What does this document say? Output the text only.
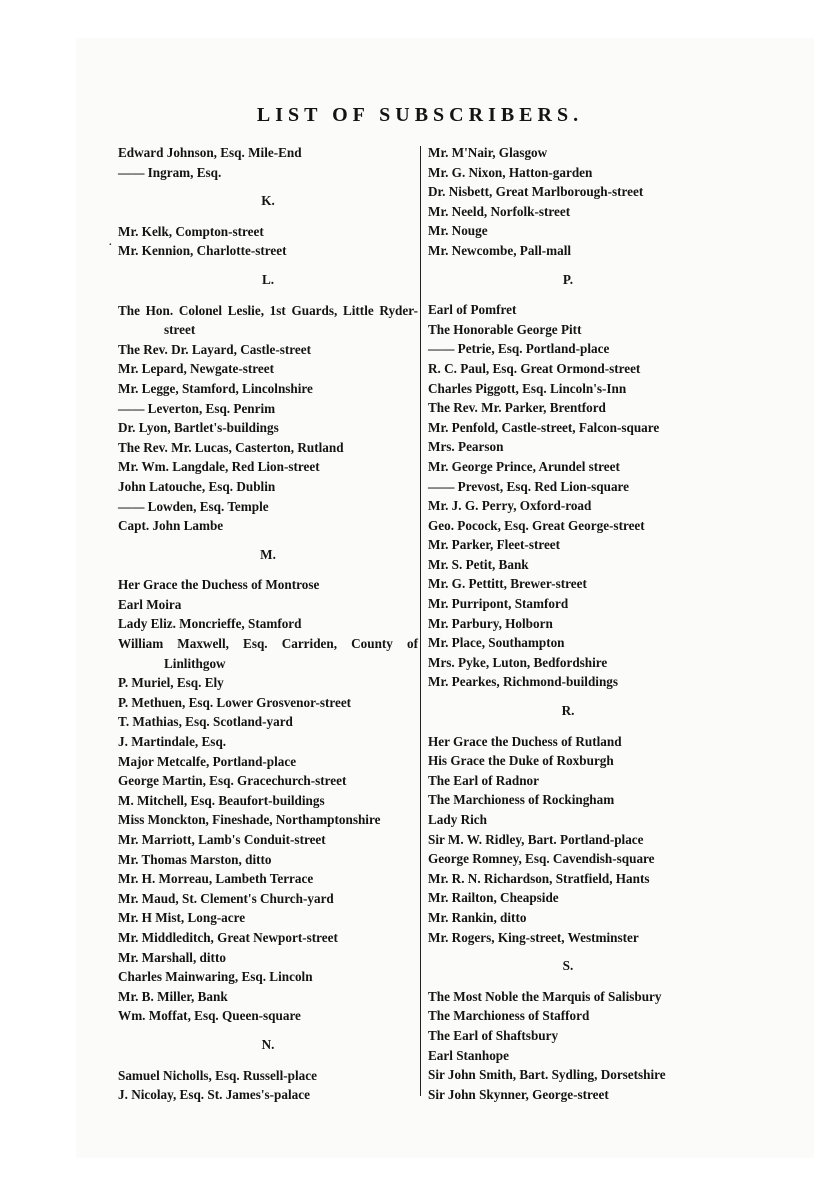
LIST OF SUBSCRIBERS.
Edward Johnson, Esq. Mile-End
—— Ingram, Esq.
K.
Mr. Kelk, Compton-street
Mr. Kennion, Charlotte-street
L.
The Hon. Colonel Leslie, 1st Guards, Little Ryder-street
The Rev. Dr. Layard, Castle-street
Mr. Lepard, Newgate-street
Mr. Legge, Stamford, Lincolnshire
—— Leverton, Esq. Penrim
Dr. Lyon, Bartlet's-buildings
The Rev. Mr. Lucas, Casterton, Rutland
Mr. Wm. Langdale, Red Lion-street
John Latouche, Esq. Dublin
—— Lowden, Esq. Temple
Capt. John Lambe
M.
Her Grace the Duchess of Montrose
Earl Moira
Lady Eliz. Moncrieffe, Stamford
William Maxwell, Esq. Carriden, County of Linlithgow
P. Muriel, Esq. Ely
P. Methuen, Esq. Lower Grosvenor-street
T. Mathias, Esq. Scotland-yard
J. Martindale, Esq.
Major Metcalfe, Portland-place
George Martin, Esq. Gracechurch-street
M. Mitchell, Esq. Beaufort-buildings
Miss Monckton, Fineshade, Northamptonshire
Mr. Marriott, Lamb's Conduit-street
Mr. Thomas Marston, ditto
Mr. H. Morreau, Lambeth Terrace
Mr. Maud, St. Clement's Church-yard
Mr. H Mist, Long-acre
Mr. Middleditch, Great Newport-street
Mr. Marshall, ditto
Charles Mainwaring, Esq. Lincoln
Mr. B. Miller, Bank
Wm. Moffat, Esq. Queen-square
N.
Samuel Nicholls, Esq. Russell-place
J. Nicolay, Esq. St. James's-palace
Mr. M'Nair, Glasgow
Mr. G. Nixon, Hatton-garden
Dr. Nisbett, Great Marlborough-street
Mr. Neeld, Norfolk-street
Mr. Nouge
Mr. Newcombe, Pall-mall
P.
Earl of Pomfret
The Honorable George Pitt
—— Petrie, Esq. Portland-place
R. C. Paul, Esq. Great Ormond-street
Charles Piggott, Esq. Lincoln's-Inn
The Rev. Mr. Parker, Brentford
Mr. Penfold, Castle-street, Falcon-square
Mrs. Pearson
Mr. George Prince, Arundel street
—— Prevost, Esq. Red Lion-square
Mr. J. G. Perry, Oxford-road
Geo. Pocock, Esq. Great George-street
Mr. Parker, Fleet-street
Mr. S. Petit, Bank
Mr. G. Pettitt, Brewer-street
Mr. Purripont, Stamford
Mr. Parbury, Holborn
Mr. Place, Southampton
Mrs. Pyke, Luton, Bedfordshire
Mr. Pearkes, Richmond-buildings
R.
Her Grace the Duchess of Rutland
His Grace the Duke of Roxburgh
The Earl of Radnor
The Marchioness of Rockingham
Lady Rich
Sir M. W. Ridley, Bart. Portland-place
George Romney, Esq. Cavendish-square
Mr. R. N. Richardson, Stratfield, Hants
Mr. Railton, Cheapside
Mr. Rankin, ditto
Mr. Rogers, King-street, Westminster
S.
The Most Noble the Marquis of Salisbury
The Marchioness of Stafford
The Earl of Shaftsbury
Earl Stanhope
Sir John Smith, Bart. Sydling, Dorsetshire
Sir John Skynner, George-street
·
